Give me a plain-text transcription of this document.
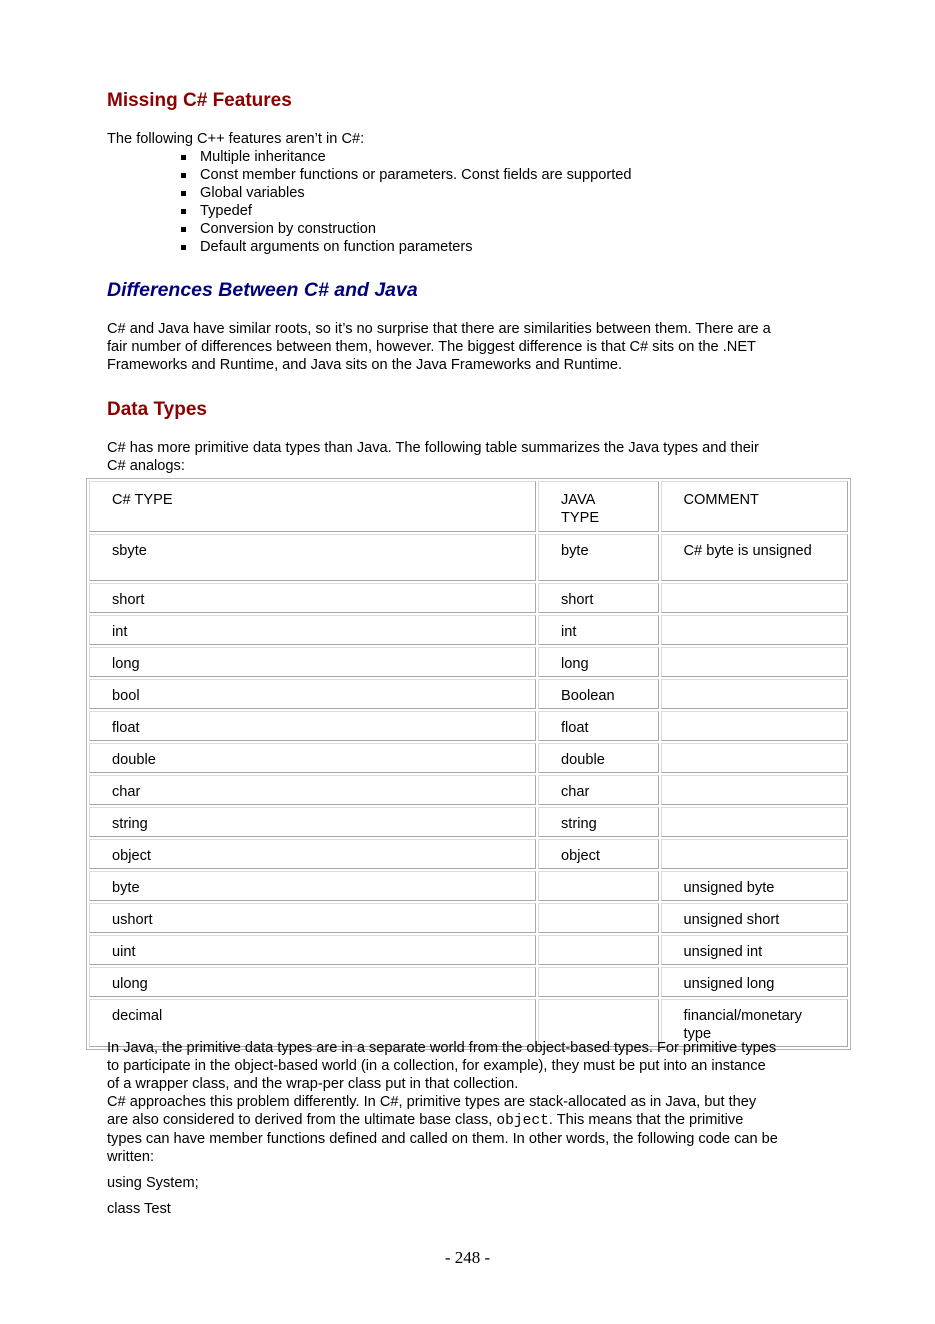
Missing C# Features

The following C++ features aren’t in C#:

Multiple inheritance
Const member functions or parameters. Const fields are supported
Global variables
Typedef
Conversion by construction
Default arguments on function parameters
Differences Between C# and Java

C# and Java have similar roots, so it’s no surprise that there are similarities between them. There are a

fair number of differences between them, however. The biggest difference is that C# sits on the .NET

Frameworks and Runtime, and Java sits on the Java Frameworks and Runtime.

Data Types

C# has more primitive data types than Java. The following table summarizes the Java types and their

C# analogs:

C# TYPE	JAVA TYPE	COMMENT
sbyte	byte	C# byte is unsigned
short	short	
int	int	
long	long	
bool	Boolean	
float	float	
double	double	
char	char	
string	string	
object	object	
byte		unsigned byte
ushort		unsigned short
uint		unsigned int
ulong		unsigned long
decimal		financial/monetary type

In Java, the primitive data types are in a separate world from the object-based types. For primitive types

to participate in the object-based world (in a collection, for example), they must be put into an instance

of a wrapper class, and the wrap-per class put in that collection.

C# approaches this problem differently. In C#, primitive types are stack-allocated as in Java, but they

are also considered to derived from the ultimate base class, object. This means that the primitive

types can have member functions defined and called on them. In other words, the following code can be

written:

using System;

class Test

- 248 -
